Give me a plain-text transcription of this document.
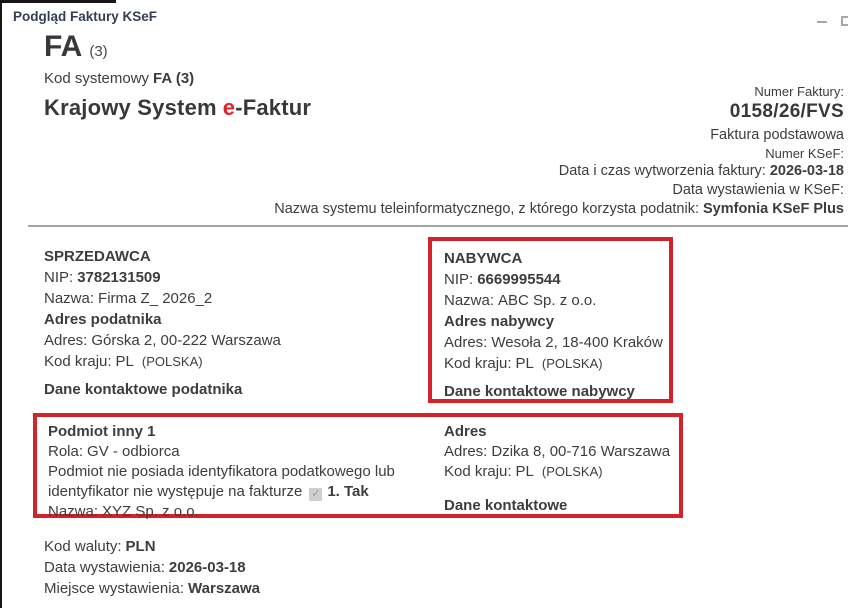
Podgląd Faktury KSeF
FA (3)
Kod systemowy FA (3)
Krajowy System e-Faktur
Numer Faktury:
0158/26/FVS
Faktura podstawowa
Numer KSeF:
Data i czas wytworzenia faktury: 2026-03-18
Data wystawienia w KSeF:
Nazwa systemu teleinformatycznego, z którego korzysta podatnik: Symfonia KSeF Plus
SPRZEDAWCA
NIP: 3782131509
Nazwa: Firma Z_ 2026_2
Adres podatnika
Adres: Górska 2, 00-222 Warszawa
Kod kraju: PL (POLSKA)
Dane kontaktowe podatnika
NABYWCA
NIP: 6669995544
Nazwa: ABC Sp. z o.o.
Adres nabywcy
Adres: Wesoła 2, 18-400 Kraków
Kod kraju: PL (POLSKA)
Dane kontaktowe nabywcy
Podmiot inny 1
Rola: GV - odbiorca
Podmiot nie posiada identyfikatora podatkowego lub
identyfikator nie występuje na fakturze ✓ 1. Tak
Nazwa: XYZ Sp. z o.o.
Adres
Adres: Dzika 8, 00-716 Warszawa
Kod kraju: PL (POLSKA)
Dane kontaktowe
Kod waluty: PLN
Data wystawienia: 2026-03-18
Miejsce wystawienia: Warszawa
